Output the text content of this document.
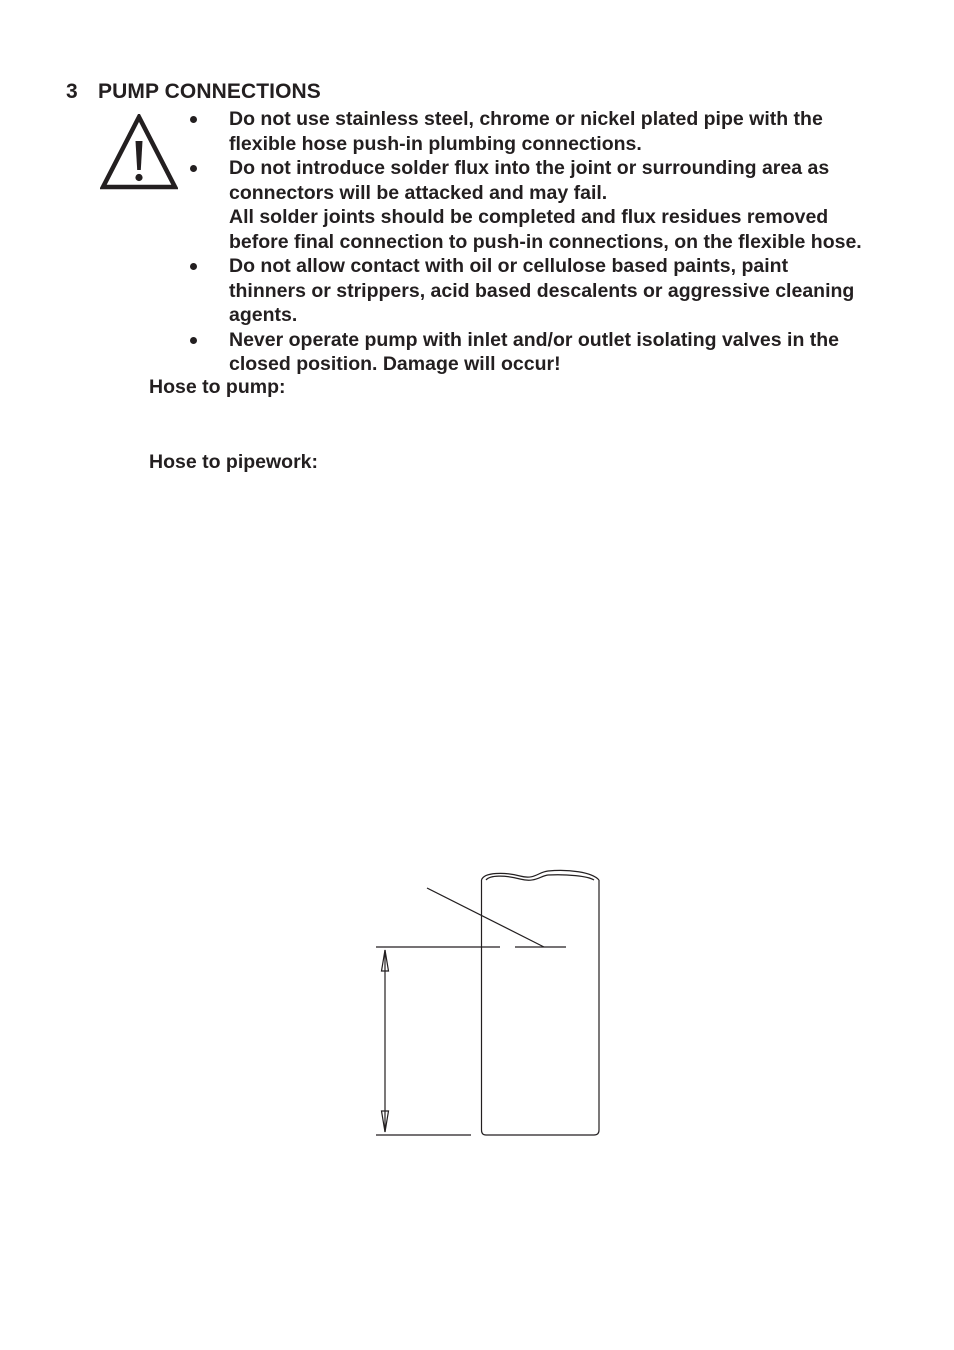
3 PUMP CONNECTIONS
Do not use stainless steel, chrome or nickel plated pipe with the
flexible hose push-in plumbing connections.
Do not introduce solder flux into the joint or surrounding area as
connectors will be attacked and may fail.
All solder joints should be completed and flux residues removed
before final connection to push-in connections, on the flexible hose.
Do not allow contact with oil or cellulose based paints, paint
thinners or strippers, acid based descalents or aggressive cleaning
agents.
Never operate pump with inlet and/or outlet isolating valves in the
closed position. Damage will occur!
Hose to pump:
Hose to pipework:
